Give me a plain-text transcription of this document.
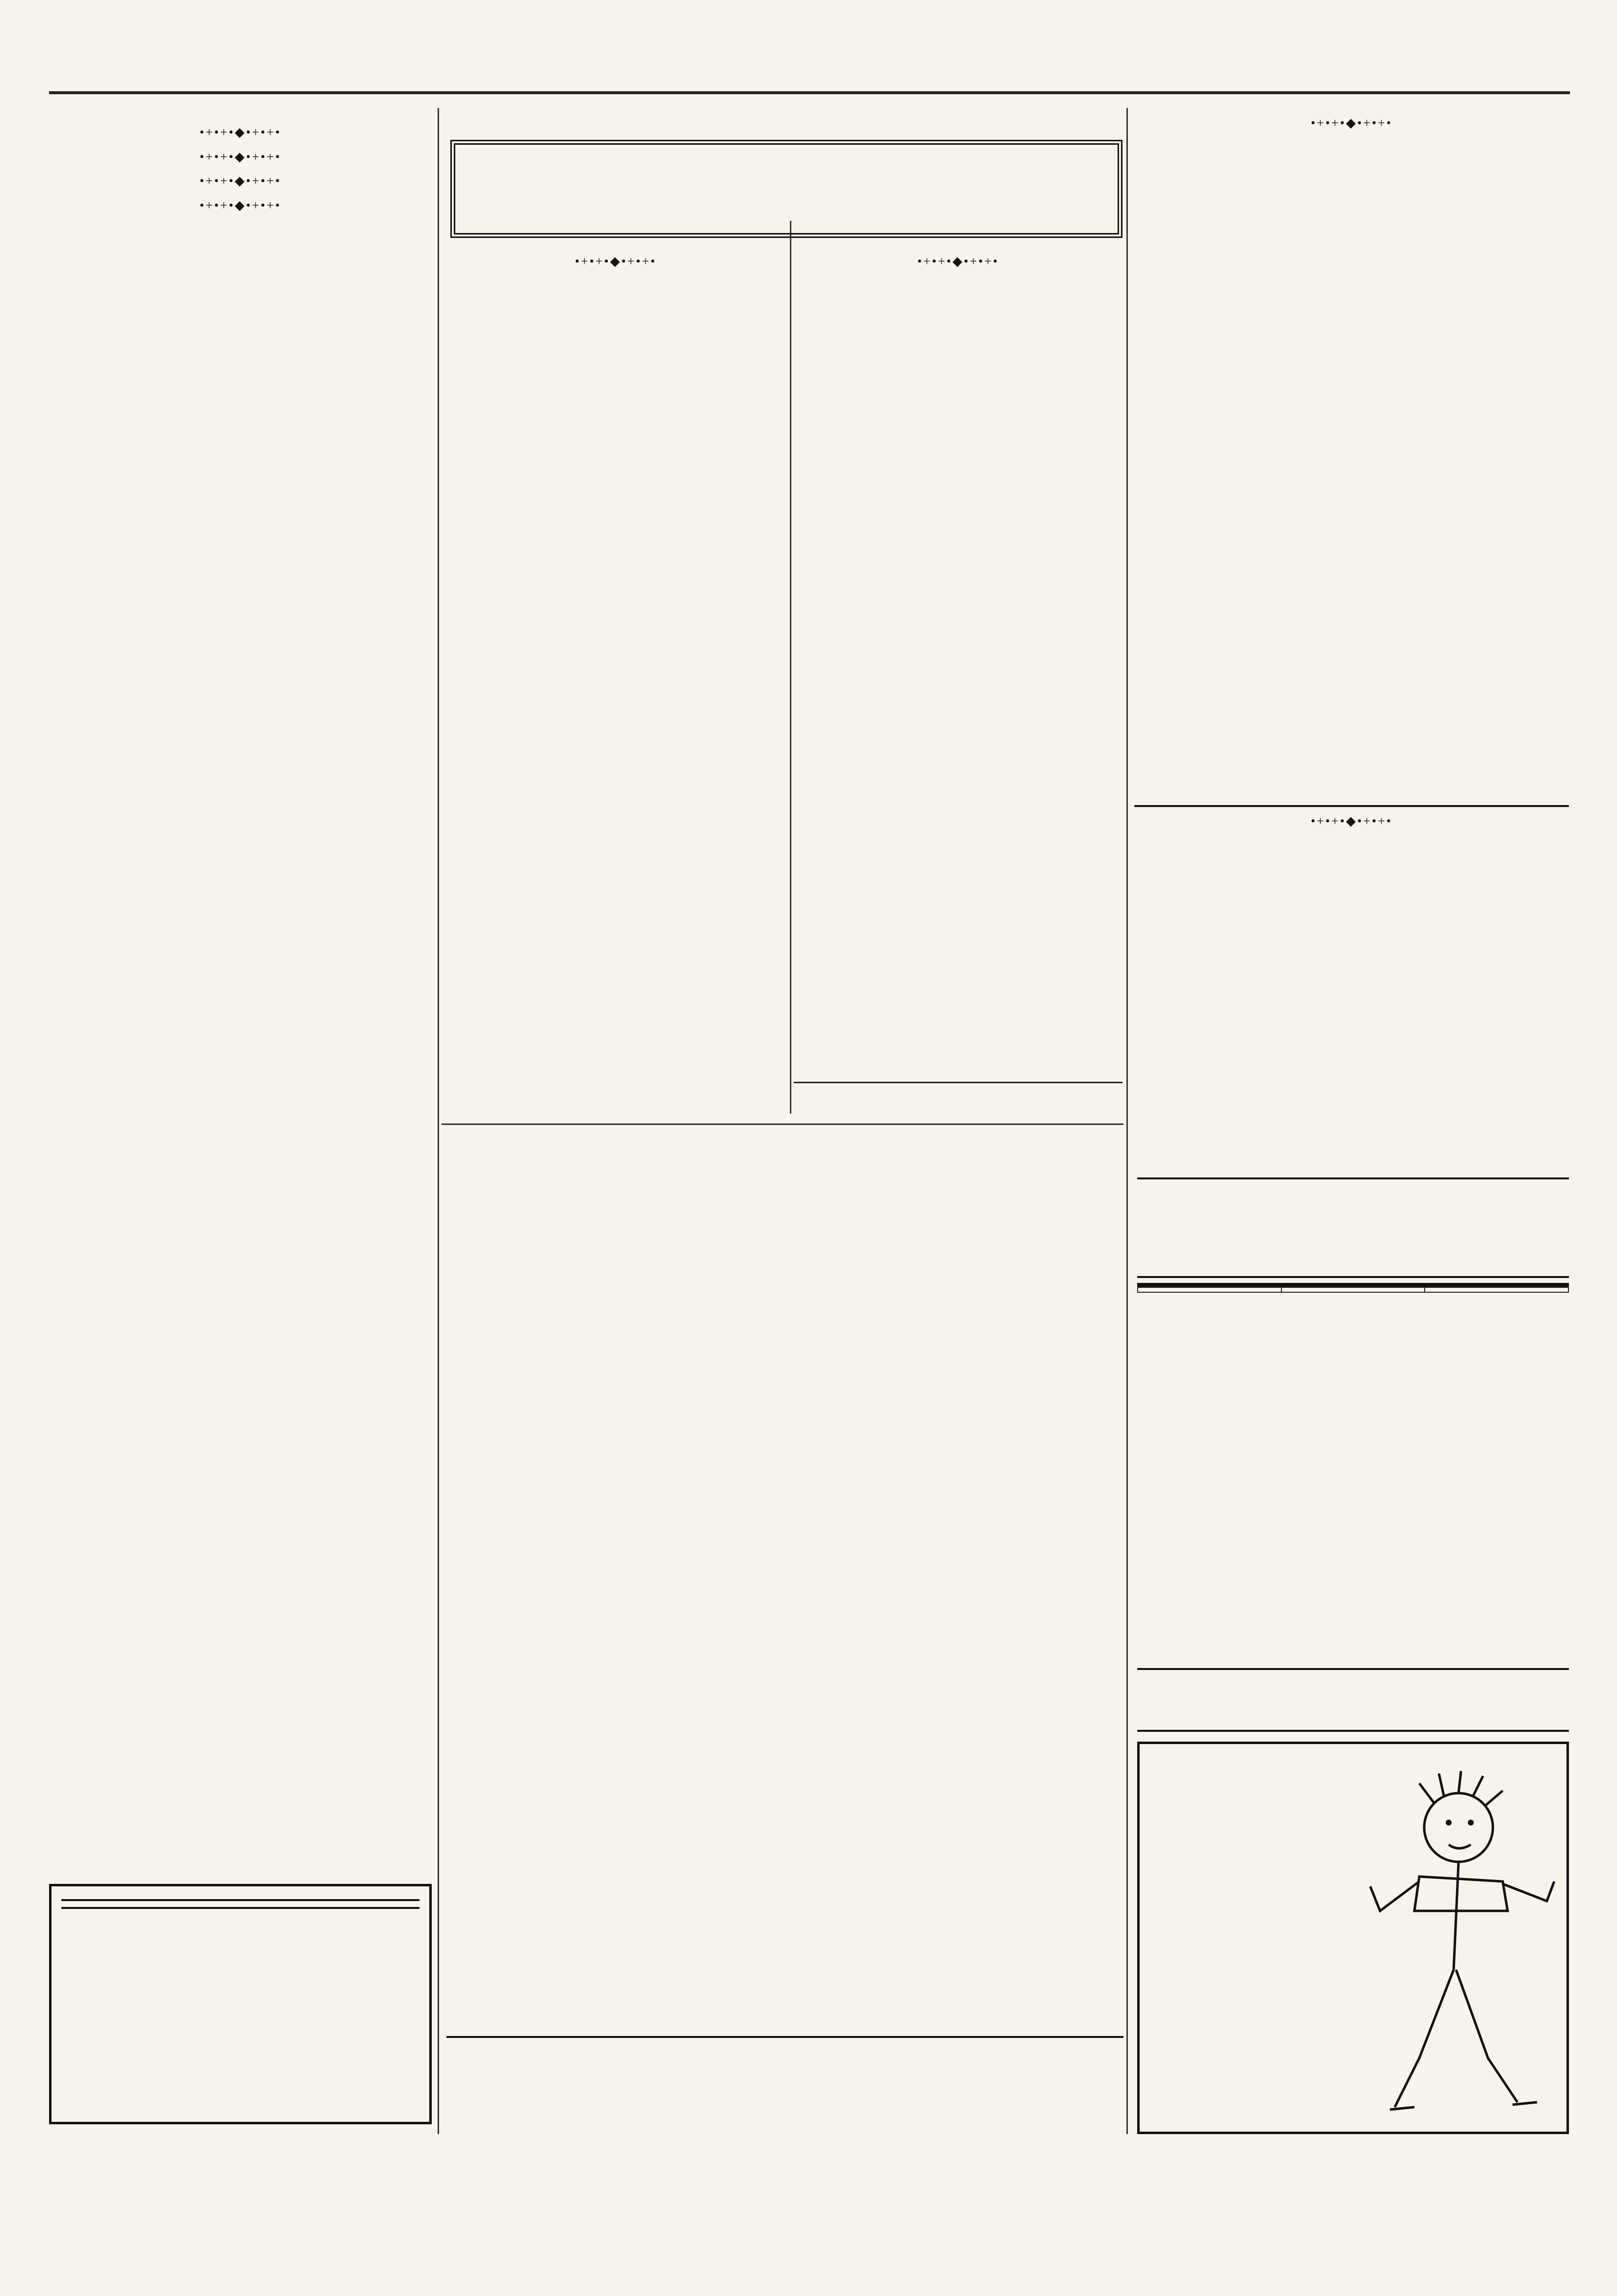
•+•+•◆•+•+•

•+•+•◆•+•+•

•+•+•◆•+•+•

•+•+•◆•+•+•

•+•+•◆•+•+•	•+•+•◆•+•+•

•+•+•◆•+•+•

•+•+•◆•+•+•
